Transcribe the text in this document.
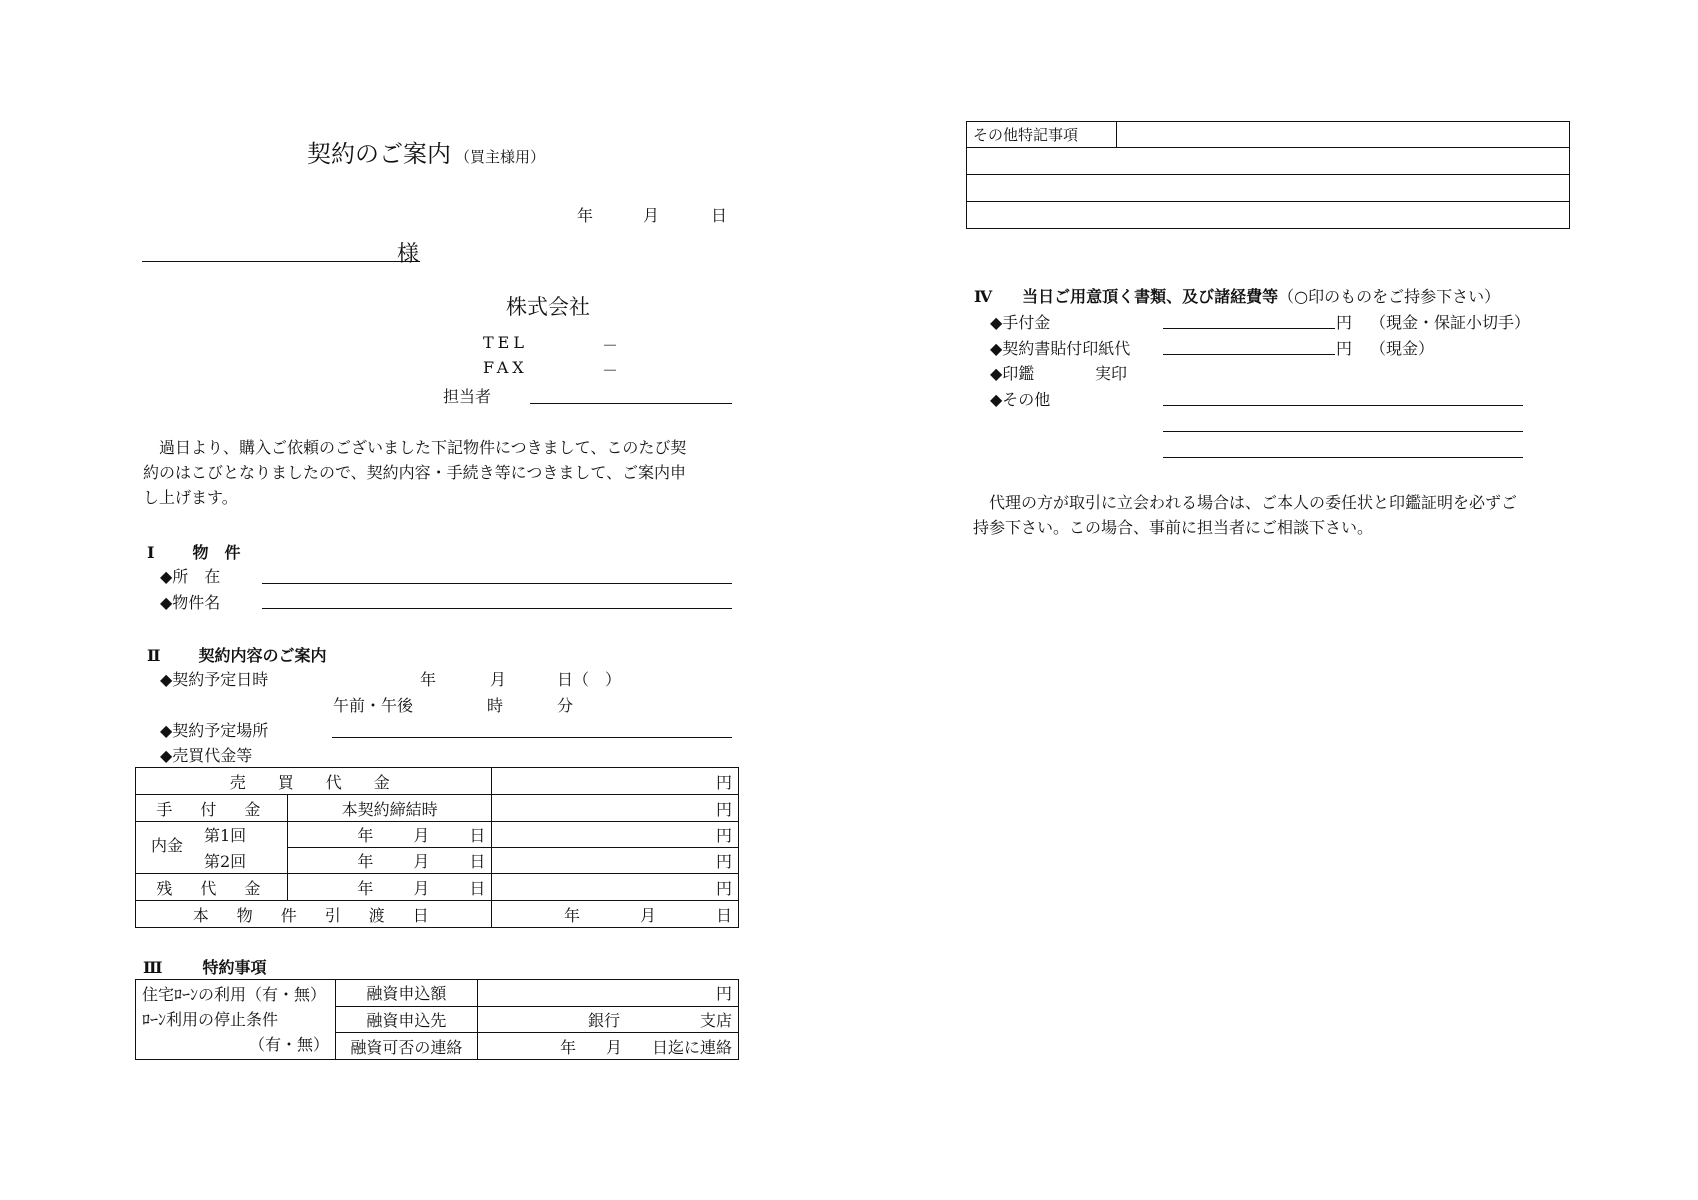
契約のご案内 （買主様用）
年	月	日
様
株式会社
TEL	－
FAX	－
担当者
過日より、購入ご依頼のございました下記物件につきまして、このたび契
約のはこびとなりましたので、契約内容・手続き等につきまして、ご案内申
し上げます。
Ⅰ 物　件
◆所　在
◆物件名
Ⅱ 契約内容のご案内
◆契約予定日時	年	月	日（　）
午前・午後	時	分
◆契約予定場所
◆売買代金等
売　買　代　金		円
手　付　金	本契約締結時	円

内金
第1回	年 月 日	円
第2回	年 月 日	円
残　代　金	年 月 日	円
本　物　件　引　渡　日		年 月 日
Ⅲ	特約事項
住宅ﾛｰﾝの利用（有・無）
ﾛｰﾝ利用の停止条件
（有・無）	融資申込額	円
	融資申込先	銀行 支店
	融資可否の連絡	年 月 日迄に連絡
その他特記事項	

Ⅳ 当日ご用意頂く書類、及び諸経費等（○印のものをご持参下さい）
◆手付金	円 （現金・保証小切手）
◆契約書貼付印紙代	円 （現金）
◆印鑑	実印
◆その他
代理の方が取引に立会われる場合は、ご本人の委任状と印鑑証明を必ずご
持参下さい。この場合、事前に担当者にご相談下さい。
